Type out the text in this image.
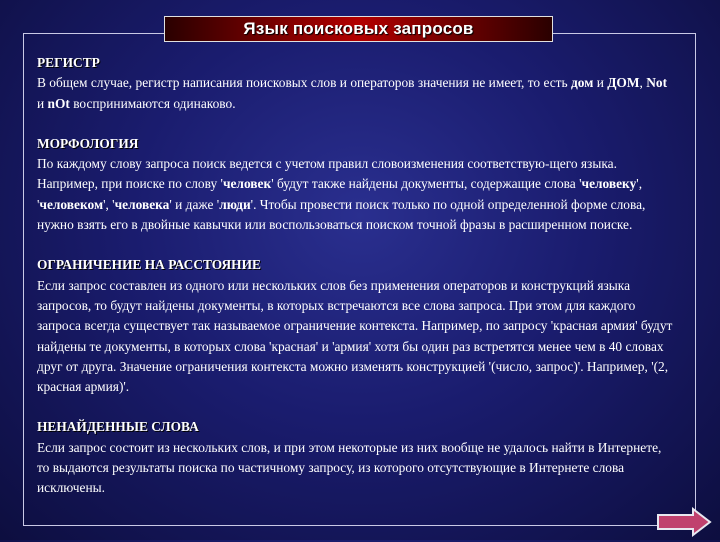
Язык поисковых запросов

РЕГИСТР

В общем случае, регистр написания поисковых слов и операторов значения не имеет, то есть дом и ДОМ, Not и nOt воспринимаются одинаково.

МОРФОЛОГИЯ

По каждому слову запроса поиск ведется с учетом правил словоизменения соответствую-щего языка. Например, при поиске по слову 'человек' будут также найдены документы, содержащие слова 'человеку', 'человеком', 'человека' и даже 'люди'. Чтобы провести поиск только по одной определенной форме слова, нужно взять его в двойные кавычки или воспользоваться поиском точной фразы в расширенном поиске.

ОГРАНИЧЕНИЕ НА РАССТОЯНИЕ

Если запрос составлен из одного или нескольких слов без применения операторов и конструкций языка запросов, то будут найдены документы, в которых встречаются все слова запроса. При этом для каждого запроса всегда существует так называемое ограничение контекста. Например, по запросу 'красная армия' будут найдены те документы, в которых слова 'красная' и 'армия' хотя бы один раз встретятся менее чем в 40 словах друг от друга. Значение ограничения контекста можно изменять конструкцией '(число, запрос)'. Например, '(2, красная армия)'.

НЕНАЙДЕННЫЕ СЛОВА

Если запрос состоит из нескольких слов, и при этом некоторые из них вообще не удалось найти в Интернете, то выдаются результаты поиска по частичному запросу, из которого отсутствующие в Интернете слова исключены.
